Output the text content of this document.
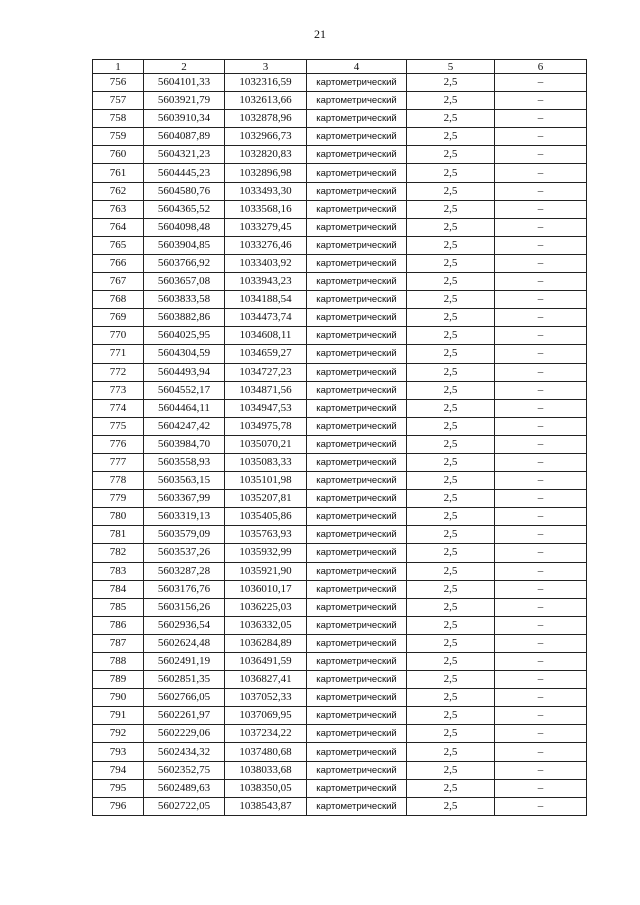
21
1	2	3	4	5	6
756	5604101,33	1032316,59	картометрический	2,5	–
757	5603921,79	1032613,66	картометрический	2,5	–
758	5603910,34	1032878,96	картометрический	2,5	–
759	5604087,89	1032966,73	картометрический	2,5	–
760	5604321,23	1032820,83	картометрический	2,5	–
761	5604445,23	1032896,98	картометрический	2,5	–
762	5604580,76	1033493,30	картометрический	2,5	–
763	5604365,52	1033568,16	картометрический	2,5	–
764	5604098,48	1033279,45	картометрический	2,5	–
765	5603904,85	1033276,46	картометрический	2,5	–
766	5603766,92	1033403,92	картометрический	2,5	–
767	5603657,08	1033943,23	картометрический	2,5	–
768	5603833,58	1034188,54	картометрический	2,5	–
769	5603882,86	1034473,74	картометрический	2,5	–
770	5604025,95	1034608,11	картометрический	2,5	–
771	5604304,59	1034659,27	картометрический	2,5	–
772	5604493,94	1034727,23	картометрический	2,5	–
773	5604552,17	1034871,56	картометрический	2,5	–
774	5604464,11	1034947,53	картометрический	2,5	–
775	5604247,42	1034975,78	картометрический	2,5	–
776	5603984,70	1035070,21	картометрический	2,5	–
777	5603558,93	1035083,33	картометрический	2,5	–
778	5603563,15	1035101,98	картометрический	2,5	–
779	5603367,99	1035207,81	картометрический	2,5	–
780	5603319,13	1035405,86	картометрический	2,5	–
781	5603579,09	1035763,93	картометрический	2,5	–
782	5603537,26	1035932,99	картометрический	2,5	–
783	5603287,28	1035921,90	картометрический	2,5	–
784	5603176,76	1036010,17	картометрический	2,5	–
785	5603156,26	1036225,03	картометрический	2,5	–
786	5602936,54	1036332,05	картометрический	2,5	–
787	5602624,48	1036284,89	картометрический	2,5	–
788	5602491,19	1036491,59	картометрический	2,5	–
789	5602851,35	1036827,41	картометрический	2,5	–
790	5602766,05	1037052,33	картометрический	2,5	–
791	5602261,97	1037069,95	картометрический	2,5	–
792	5602229,06	1037234,22	картометрический	2,5	–
793	5602434,32	1037480,68	картометрический	2,5	–
794	5602352,75	1038033,68	картометрический	2,5	–
795	5602489,63	1038350,05	картометрический	2,5	–
796	5602722,05	1038543,87	картометрический	2,5	–
